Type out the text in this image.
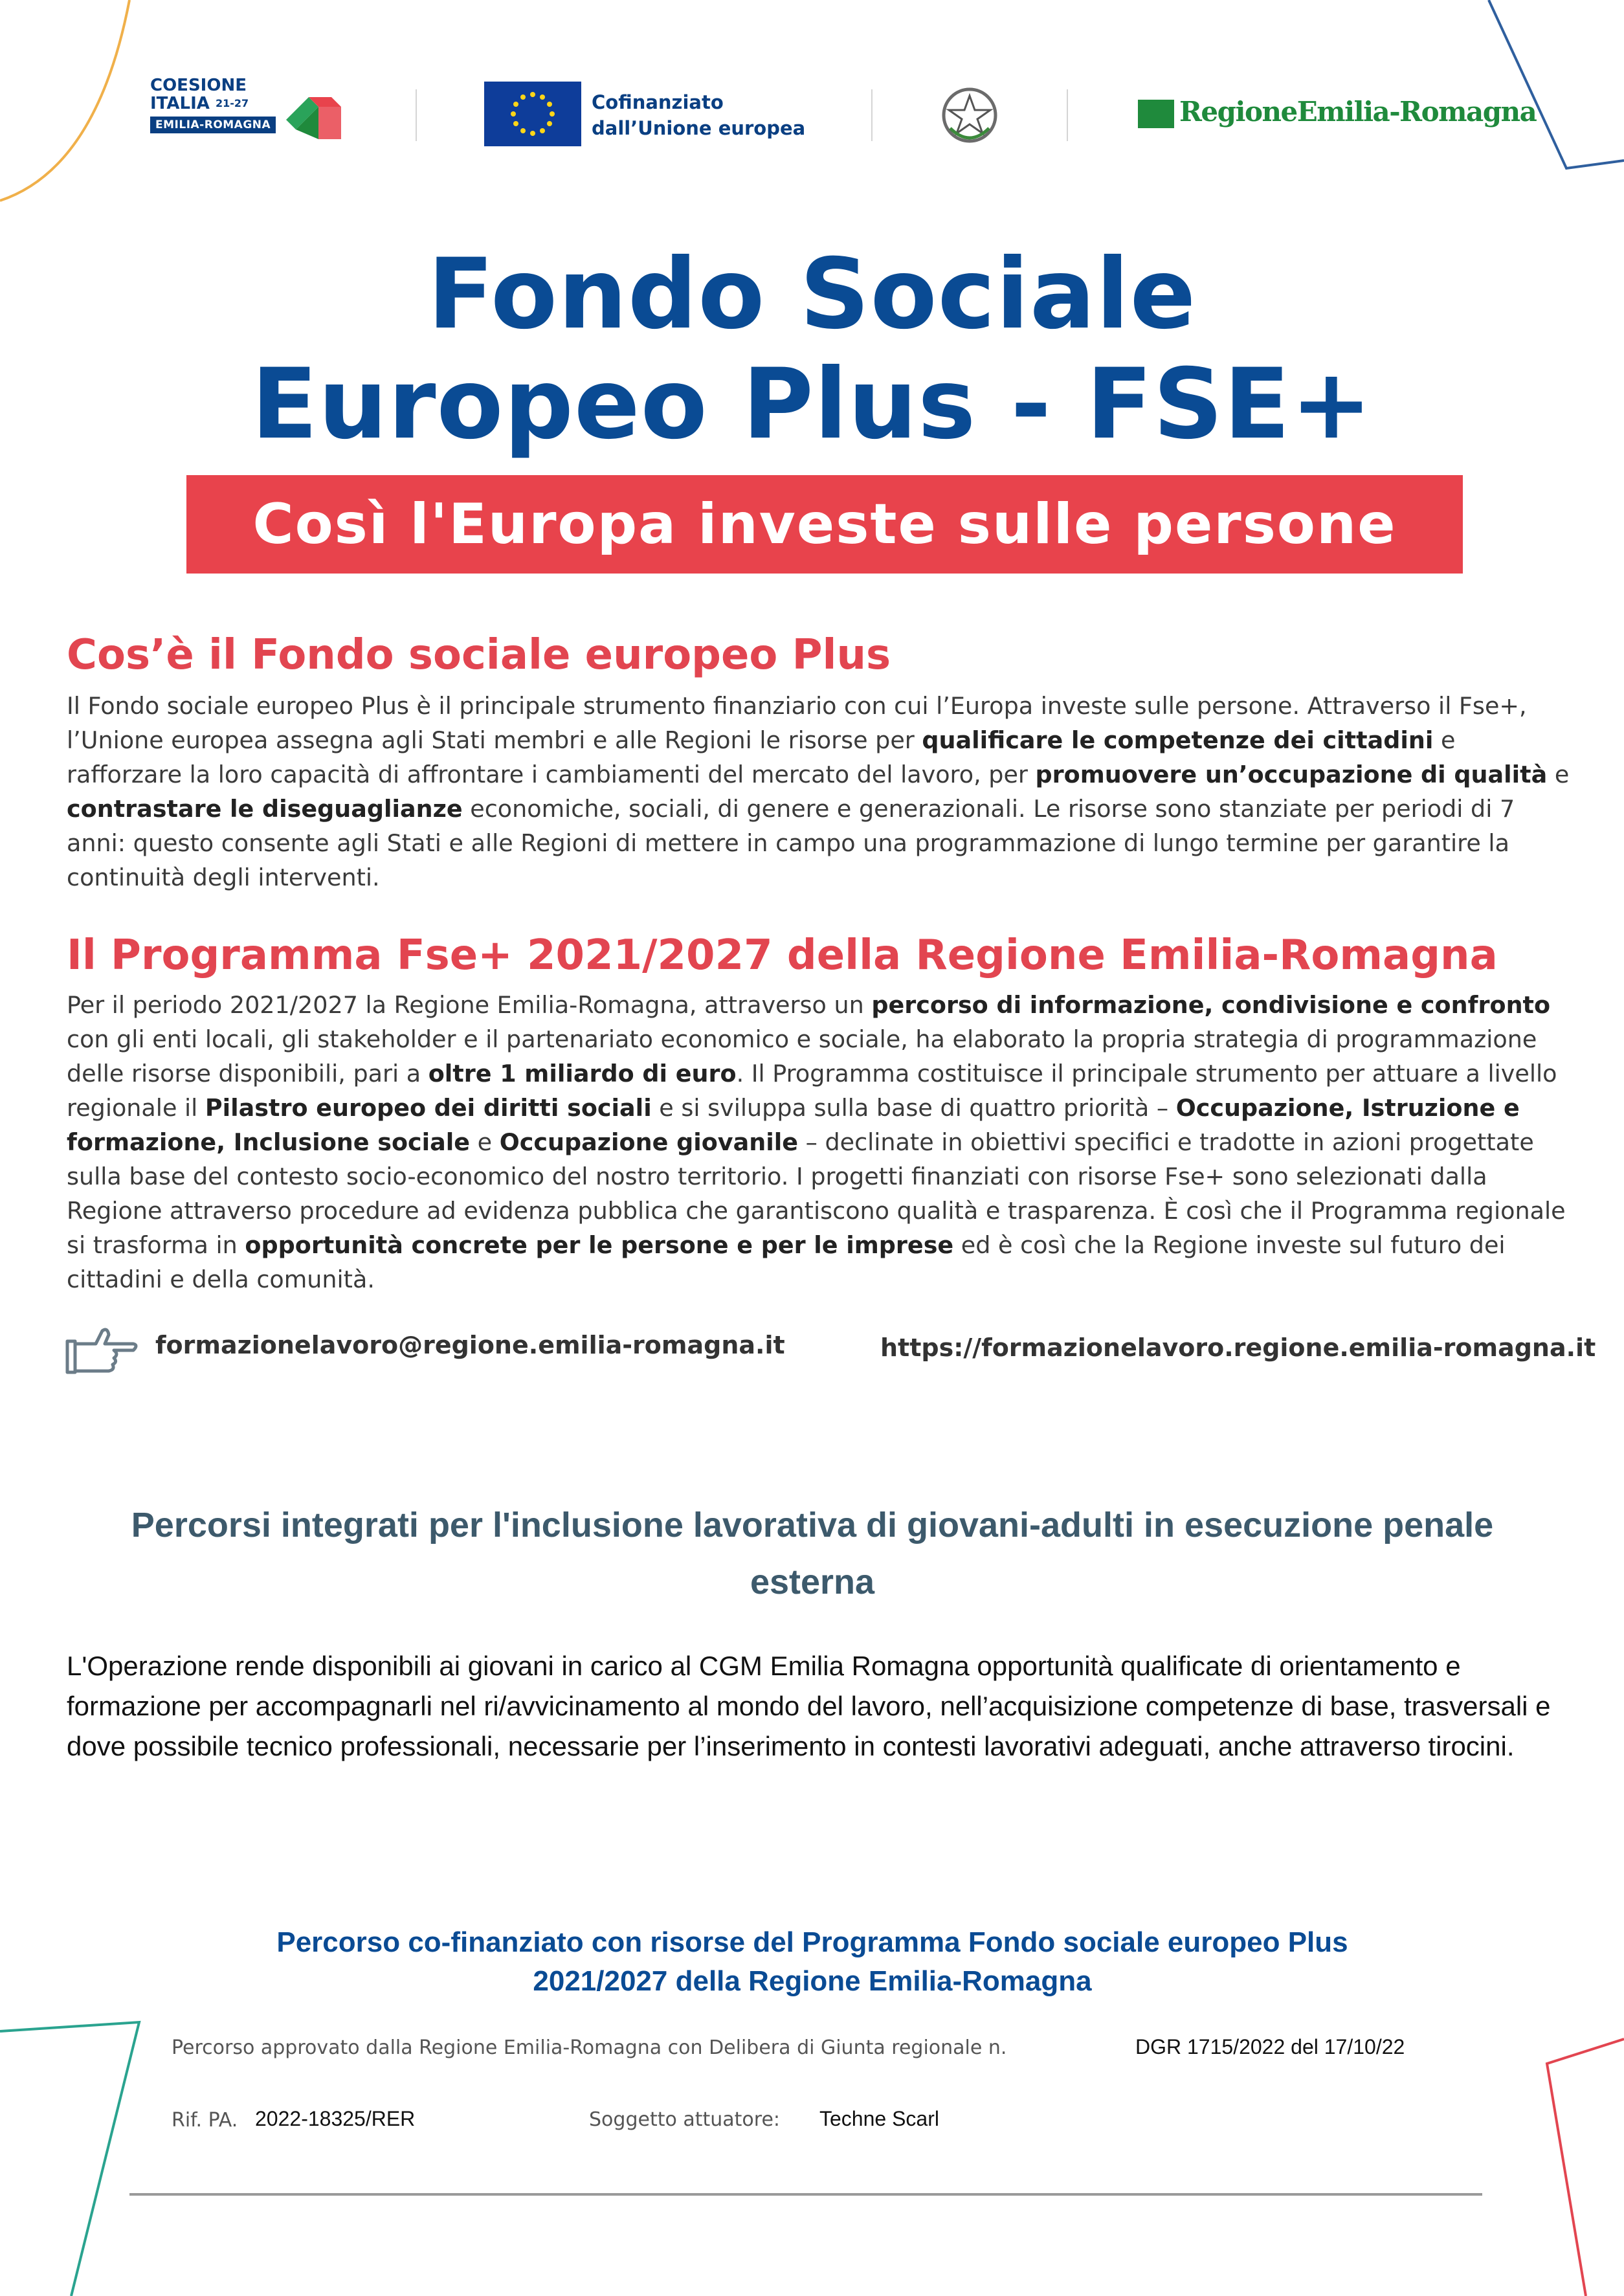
COESIONE
ITALIA $^{21-27}$
EMILIA-ROMAGNA
Cofinanziato
dall’Unione europea
RegioneEmilia-Romagna
Fondo Sociale
Europeo Plus - FSE+
Così l'Europa investe sulle persone
Cos’è il Fondo sociale europeo Plus

Il Fondo sociale europeo Plus è il principale strumento finanziario con cui l’Europa investe sulle persone. Attraverso il Fse+, l’Unione europea assegna agli Stati membri e alle Regioni le risorse per qualificare le competenze dei cittadini e rafforzare la loro capacità di affrontare i cambiamenti del mercato del lavoro, per promuovere un’occupazione di qualità e contrastare le diseguaglianze economiche, sociali, di genere e generazionali. Le risorse sono stanziate per periodi di 7 anni: questo consente agli Stati e alle Regioni di mettere in campo una programmazione di lungo termine per garantire la continuità degli interventi.

Il Programma Fse+ 2021/2027 della Regione Emilia-Romagna

Per il periodo 2021/2027 la Regione Emilia-Romagna, attraverso un percorso di informazione, condivisione e confronto con gli enti locali, gli stakeholder e il partenariato economico e sociale, ha elaborato la propria strategia di programmazione delle risorse disponibili, pari a oltre 1 miliardo di euro. Il Programma costituisce il principale strumento per attuare a livello regionale il Pilastro europeo dei diritti sociali e si sviluppa sulla base di quattro priorità – Occupazione, Istruzione e formazione, Inclusione sociale e Occupazione giovanile – declinate in obiettivi specifici e tradotte in azioni progettate sulla base del contesto socio-economico del nostro territorio. I progetti finanziati con risorse Fse+ sono selezionati dalla Regione attraverso procedure ad evidenza pubblica che garantiscono qualità e trasparenza. È così che il Programma regionale si trasforma in opportunità concrete per le persone e per le imprese ed è così che la Regione investe sul futuro dei cittadini e della comunità.

formazionelavoro@regione.emilia-romagna.it	https://formazionelavoro.regione.emilia-romagna.it
Percorsi integrati per l'inclusione lavorativa di giovani-adulti in esecuzione penale esterna
L'Operazione rende disponibili ai giovani in carico al CGM Emilia Romagna opportunità qualificate di orientamento e formazione per accompagnarli nel ri/avvicinamento al mondo del lavoro, nell’acquisizione competenze di base, trasversali e dove possibile tecnico professionali, necessarie per l’inserimento in contesti lavorativi adeguati, anche attraverso tirocini.
Percorso co-finanziato con risorse del Programma Fondo sociale europeo Plus
2021/2027 della Regione Emilia-Romagna
Percorso approvato dalla Regione Emilia-Romagna con Delibera di Giunta regionale n.	DGR 1715/2022 del 17/10/22
Rif. PA. 2022-18325/RER	Soggetto attuatore: Techne Scarl
